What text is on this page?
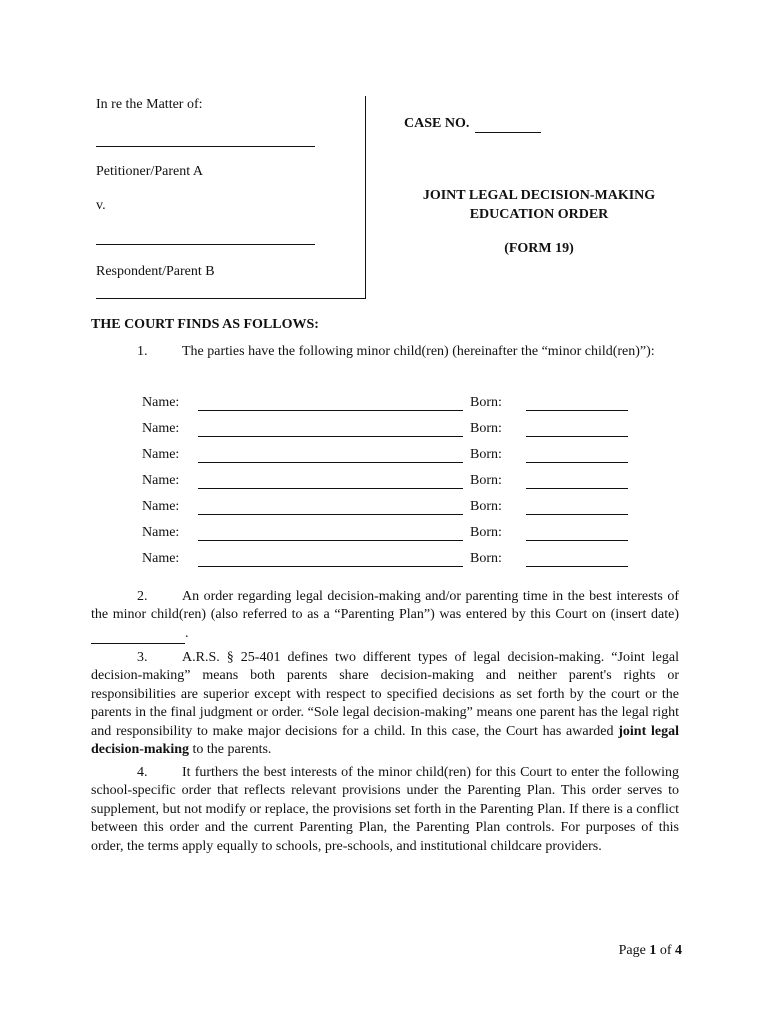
In re the Matter of:
Petitioner/Parent A
v.
Respondent/Parent B
CASE NO.
JOINT LEGAL DECISION-MAKING
EDUCATION ORDER
(FORM 19)
THE COURT FINDS AS FOLLOWS:

1. The parties have the following minor child(ren) (hereinafter the “minor child(ren)”):

Name:	Born:
Name:	Born:
Name:	Born:
Name:	Born:
Name:	Born:
Name:	Born:
Name:	Born:

2. An order regarding legal decision-making and/or parenting time in the best interests of the minor child(ren) (also referred to as a “Parenting Plan”) was entered by this Court on (insert date)  .

3. A.R.S. § 25-401 defines two different types of legal decision-making. “Joint legal decision-making” means both parents share decision-making and neither parent's rights or responsibilities are superior except with respect to specified decisions as set forth by the court or the parents in the final judgment or order. “Sole legal decision-making” means one parent has the legal right and responsibility to make major decisions for a child. In this case, the Court has awarded joint legal decision-making to the parents.

4. It furthers the best interests of the minor child(ren) for this Court to enter the following school-specific order that reflects relevant provisions under the Parenting Plan. This order serves to supplement, but not modify or replace, the provisions set forth in the Parenting Plan. If there is a conflict between this order and the current Parenting Plan, the Parenting Plan controls. For purposes of this order, the terms apply equally to schools, pre-schools, and institutional childcare providers.

Page 1 of 4
